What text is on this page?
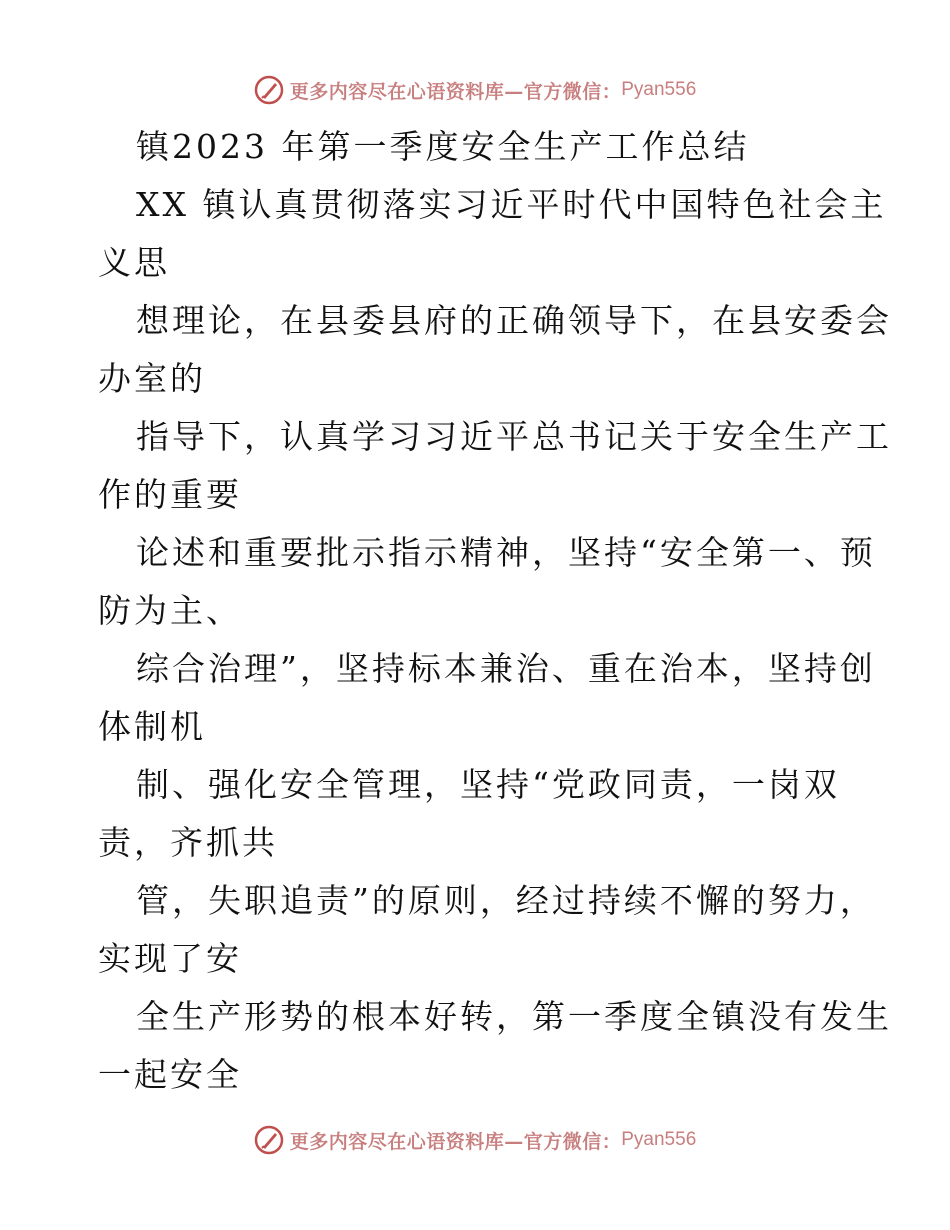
更多内容尽在心语资料库—官方微信： Pyan556
镇2023 年第一季度安全生产工作总结
XX 镇认真贯彻落实习近平时代中国特色社会主
义思
想理论，在县委县府的正确领导下，在县安委会
办室的
指导下，认真学习习近平总书记关于安全生产工
作的重要
论述和重要批示指示精神，坚持“安全第一、预
防为主、
综合治理”，坚持标本兼治、重在治本，坚持创
体制机
制、强化安全管理，坚持“党政同责，一岗双
责，齐抓共
管，失职追责”的原则，经过持续不懈的努力，
实现了安
全生产形势的根本好转，第一季度全镇没有发生
一起安全
更多内容尽在心语资料库—官方微信： Pyan556
